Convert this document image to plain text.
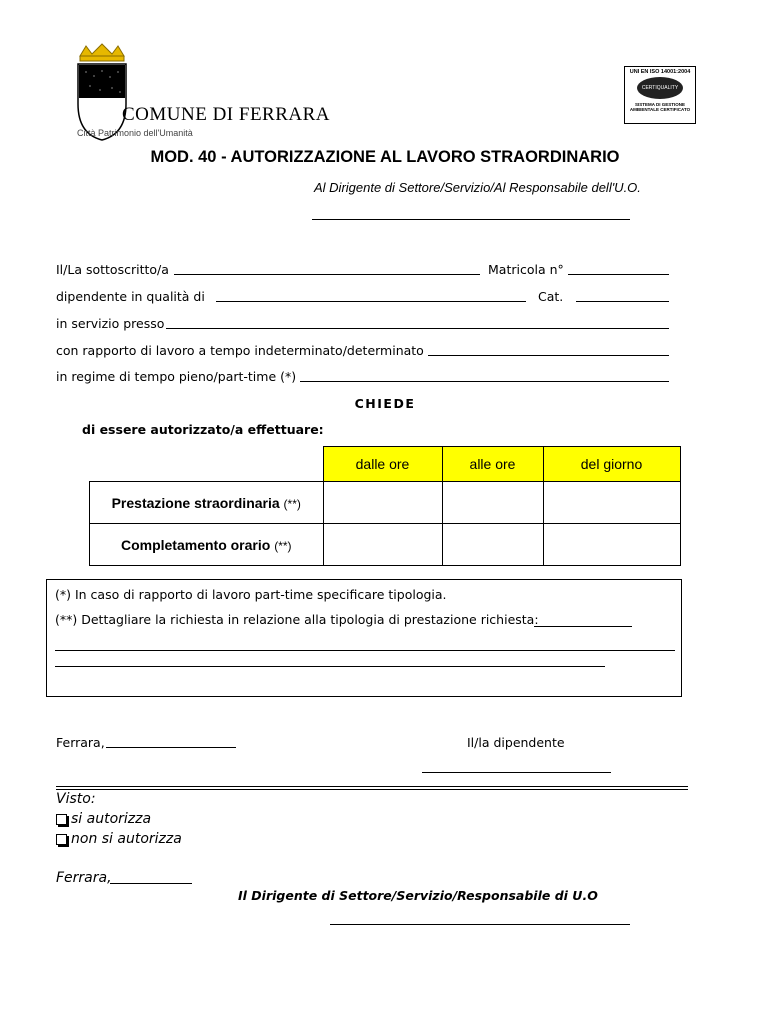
COMUNE DI FERRARA
Città Patrimonio dell'Umanità
UNI EN ISO 14001:2004
CERTIQUALITY
SISTEMA DI GESTIONE
AMBIENTALE CERTIFICATO
MOD. 40 - AUTORIZZAZIONE AL LAVORO STRAORDINARIO
Al Dirigente di Settore/Servizio/Al Responsabile dell'U.O.
Il/La sottoscritto/a	Matricola n°
dipendente in qualità di	Cat.
in servizio presso
con rapporto di lavoro a tempo indeterminato/determinato
in regime di tempo pieno/part-time (*)
CHIEDE
di essere autorizzato/a effettuare:
	dalle ore	alle ore	del giorno
Prestazione straordinaria (**)			
Completamento orario (**)			
(*) In caso di rapporto di lavoro part-time specificare tipologia.
(**) Dettagliare la richiesta in relazione alla tipologia di prestazione richiesta:
Ferrara,	Il/la dipendente
Visto:
si autorizza
non si autorizza
Ferrara,
Il Dirigente di Settore/Servizio/Responsabile di U.O
